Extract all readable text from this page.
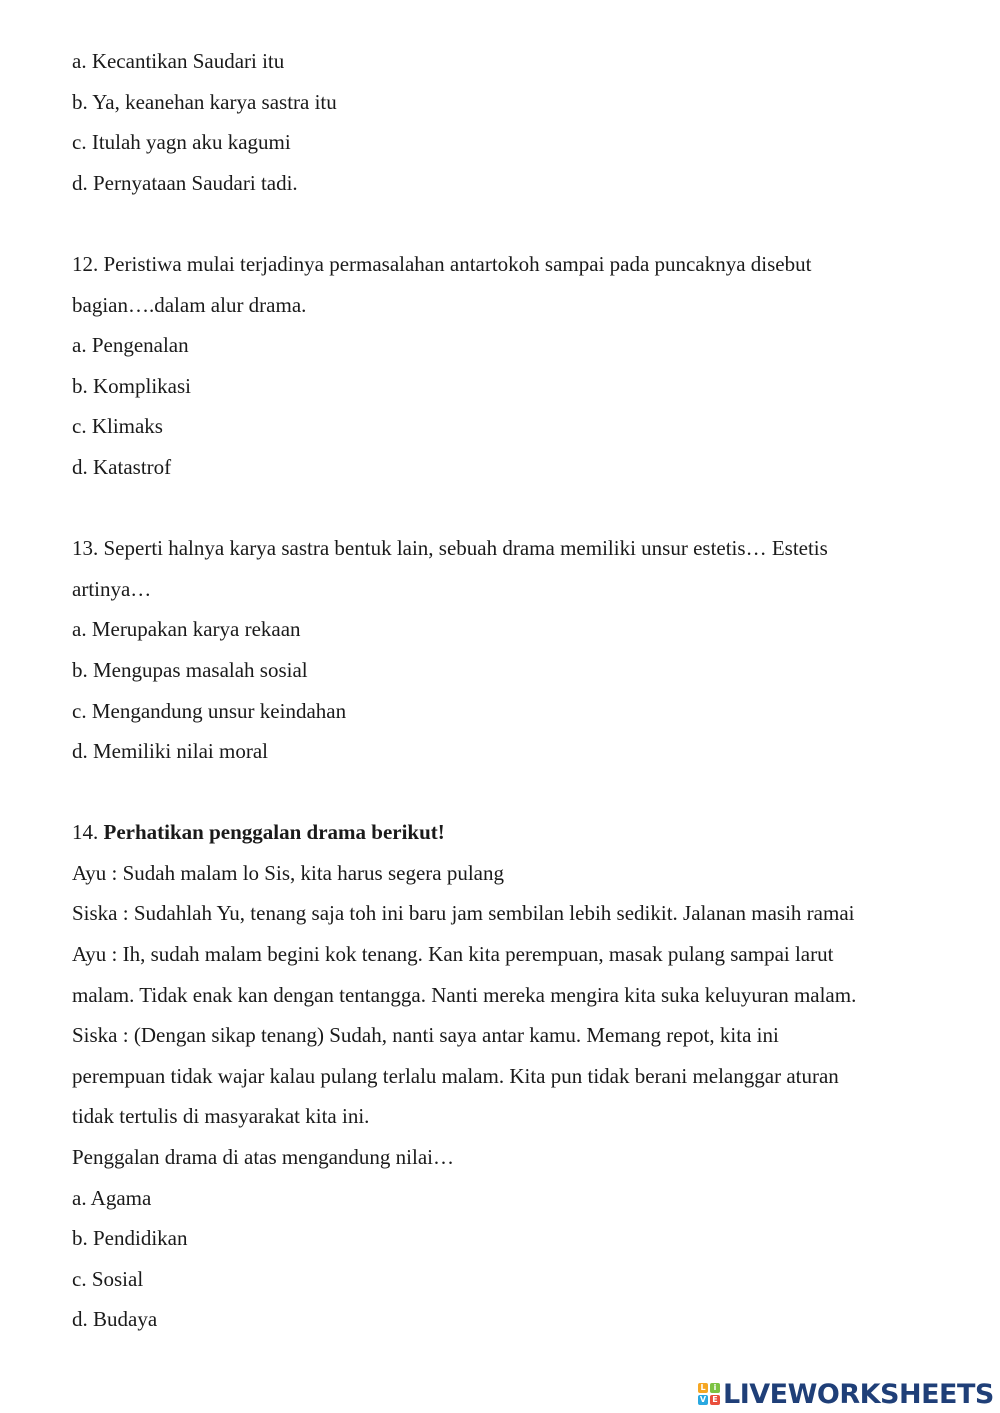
a. Kecantikan Saudari itu
b. Ya, keanehan karya sastra itu
c. Itulah yagn aku kagumi
d. Pernyataan Saudari tadi.
12. Peristiwa mulai terjadinya permasalahan antartokoh sampai pada puncaknya disebut
bagian….dalam alur drama.
a. Pengenalan
b. Komplikasi
c. Klimaks
d. Katastrof
13. Seperti halnya karya sastra bentuk lain, sebuah drama memiliki unsur estetis… Estetis
artinya…
a. Merupakan karya rekaan
b. Mengupas masalah sosial
c. Mengandung unsur keindahan
d. Memiliki nilai moral
14. Perhatikan penggalan drama berikut!
Ayu : Sudah malam lo Sis, kita harus segera pulang
Siska : Sudahlah Yu, tenang saja toh ini baru jam sembilan lebih sedikit. Jalanan masih ramai
Ayu : Ih, sudah malam begini kok tenang. Kan kita perempuan, masak pulang sampai larut
malam. Tidak enak kan dengan tentangga. Nanti mereka mengira kita suka keluyuran malam.
Siska : (Dengan sikap tenang) Sudah, nanti saya antar kamu. Memang repot, kita ini
perempuan tidak wajar kalau pulang terlalu malam. Kita pun tidak berani melanggar aturan
tidak tertulis di masyarakat kita ini.
Penggalan drama di atas mengandung nilai…
a. Agama
b. Pendidikan
c. Sosial
d. Budaya
L	i
V E LIVEWORKSHEETS
